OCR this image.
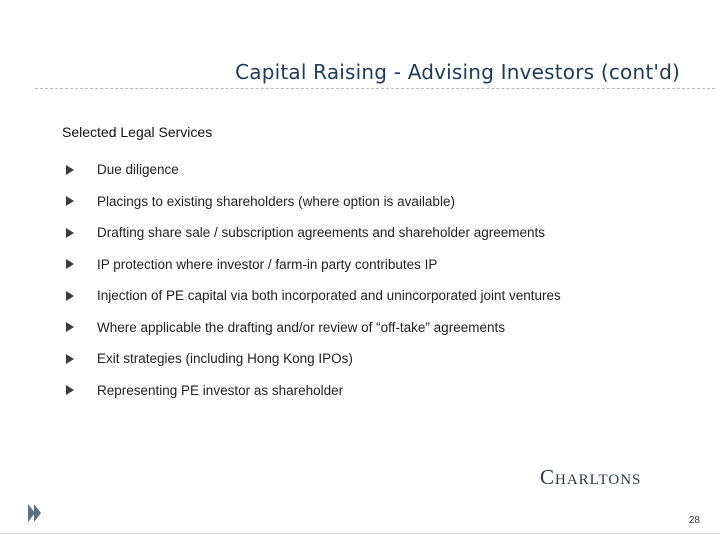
Capital Raising - Advising Investors (cont'd)
Selected Legal Services
Due diligence
Placings to existing shareholders (where option is available)
Drafting share sale / subscription agreements and shareholder agreements
IP protection where investor / farm-in party contributes IP
Injection of PE capital via both incorporated and unincorporated joint ventures
Where applicable the drafting and/or review of “off-take” agreements
Exit strategies (including Hong Kong IPOs)
Representing PE investor as shareholder
CHARLTONS
28
